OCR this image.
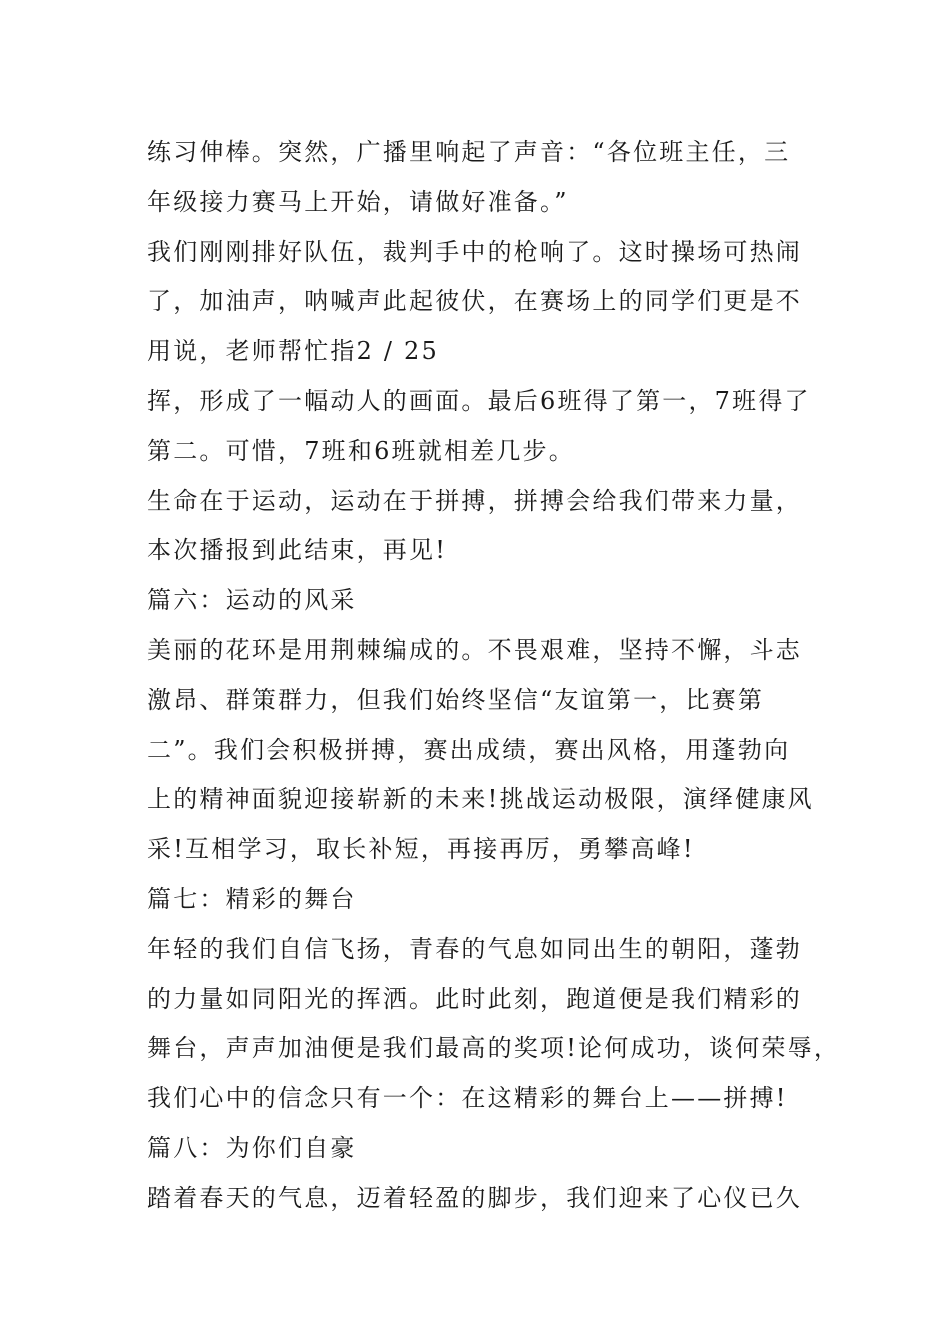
练习伸棒。突然，广播里响起了声音：“各位班主任，三
年级接力赛马上开始，请做好准备。”
我们刚刚排好队伍，裁判手中的枪响了。这时操场可热闹
了，加油声，呐喊声此起彼伏，在赛场上的同学们更是不
用说，老师帮忙指2 / 25
挥，形成了一幅动人的画面。最后6班得了第一，7班得了
第二。可惜，7班和6班就相差几步。
生命在于运动，运动在于拼搏，拼搏会给我们带来力量，
本次播报到此结束，再见!
篇六：运动的风采
美丽的花环是用荆棘编成的。不畏艰难，坚持不懈，斗志
激昂、群策群力，但我们始终坚信“友谊第一，比赛第
二”。我们会积极拼搏，赛出成绩，赛出风格，用蓬勃向
上的精神面貌迎接崭新的未来!挑战运动极限，演绎健康风
采!互相学习，取长补短，再接再厉，勇攀高峰!
篇七：精彩的舞台
年轻的我们自信飞扬，青春的气息如同出生的朝阳，蓬勃
的力量如同阳光的挥洒。此时此刻，跑道便是我们精彩的
舞台，声声加油便是我们最高的奖项!论何成功，谈何荣辱，
我们心中的信念只有一个：在这精彩的舞台上——拼搏!
篇八：为你们自豪
踏着春天的气息，迈着轻盈的脚步，我们迎来了心仪已久
